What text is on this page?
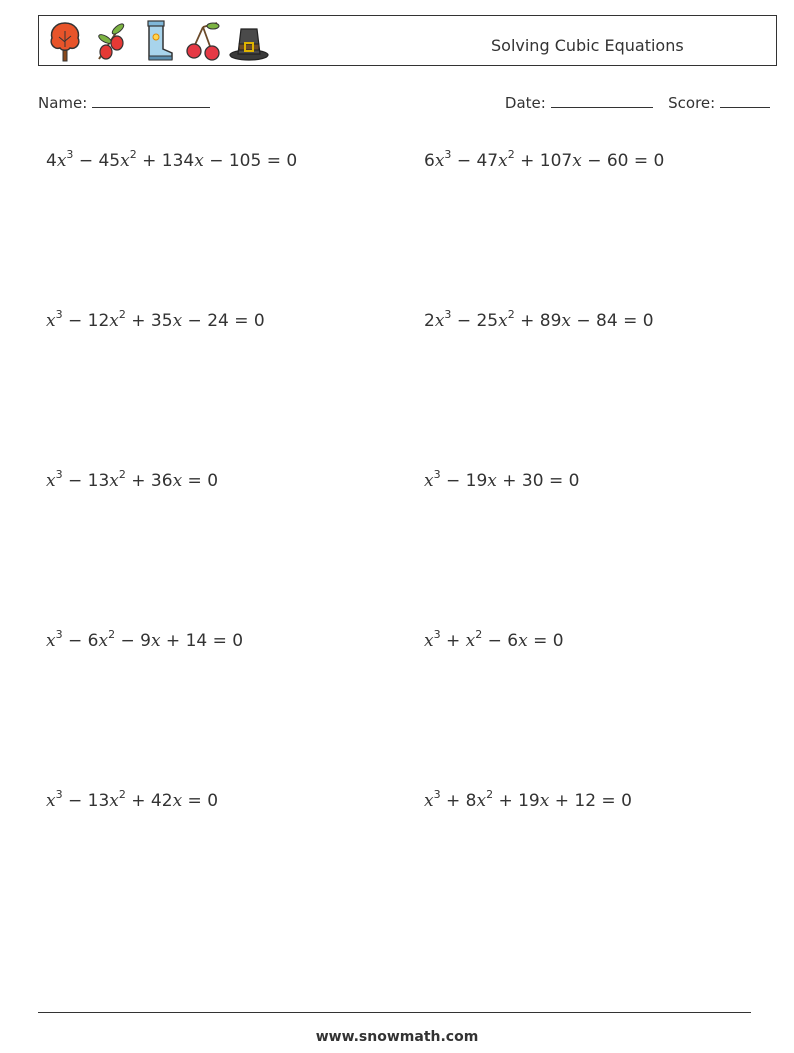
Solving Cubic Equations
Name:	Date:	Score:
$4x^3 - 45x^2 + 134x - 105 = 0$	$6x^3 - 47x^2 + 107x - 60 = 0$
$x^3 - 12x^2 + 35x - 24 = 0$	$2x^3 - 25x^2 + 89x - 84 = 0$
$x^3 - 13x^2 + 36x = 0$	$x^3 - 19x + 30 = 0$
$x^3 - 6x^2 - 9x + 14 = 0$	$x^3 + x^2 - 6x = 0$
$x^3 - 13x^2 + 42x = 0$	$x^3 + 8x^2 + 19x + 12 = 0$
www.snowmath.com
